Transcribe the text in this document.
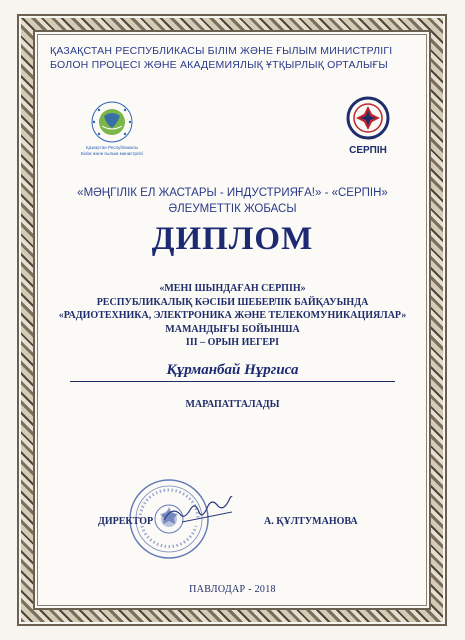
ҚАЗАҚСТАН РЕСПУБЛИКАСЫ БІЛІМ ЖӘНЕ ҒЫЛЫМ МИНИСТРЛІГІ
БОЛОН ПРОЦЕСІ ЖӘНЕ АКАДЕМИЯЛЫҚ ҰТҚЫРЛЫҚ ОРТАЛЫҒЫ
Қазақстан Республикасы
Білім және ғылым министрлігі	СЕРПІН
«МӘҢГІЛІК ЕЛ ЖАСТАРЫ - ИНДУСТРИЯҒА!» - «СЕРПІН»
ӘЛЕУМЕТТІК ЖОБАСЫ
ДИПЛОМ
«МЕНІ ШЫНДАҒАН СЕРПІН»
РЕСПУБЛИКАЛЫҚ КӘСІБИ ШЕБЕРЛІК БАЙҚАУЫНДА
«РАДИОТЕХНИКА, ЭЛЕКТРОНИКА ЖӘНЕ ТЕЛЕКОМУНИКАЦИЯЛАР»
МАМАНДЫҒЫ БОЙЫНША
ІІІ – ОРЫН ИЕГЕРІ
Құрманбай Нұргиса
МАРАПАТТАЛАДЫ
ДИРЕКТОР	А. ҚҰЛТУМАНОВА
ПАВЛОДАР - 2018
